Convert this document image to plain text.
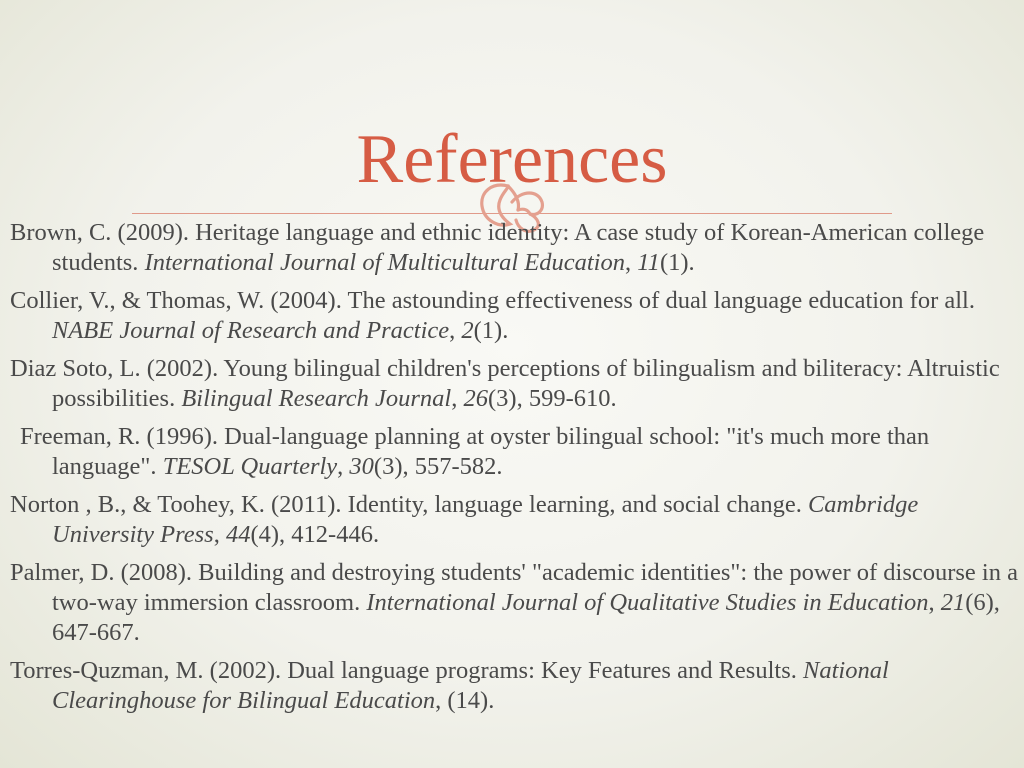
References
Brown, C. (2009). Heritage language and ethnic identity: A case study of Korean-American college students. International Journal of Multicultural Education, 11(1).
Collier, V., & Thomas, W. (2004). The astounding effectiveness of dual language education for all. NABE Journal of Research and Practice, 2(1).
Diaz Soto, L. (2002). Young bilingual children's perceptions of bilingualism and biliteracy: Altruistic possibilities. Bilingual Research Journal, 26(3), 599-610.
Freeman, R. (1996). Dual-language planning at oyster bilingual school: "it's much more than language". TESOL Quarterly, 30(3), 557-582.
Norton , B., & Toohey, K. (2011). Identity, language learning, and social change. Cambridge University Press, 44(4), 412-446.
Palmer, D. (2008). Building and destroying students' "academic identities": the power of discourse in a two-way immersion classroom. International Journal of Qualitative Studies in Education, 21(6), 647-667.
Torres-Quzman, M. (2002). Dual language programs: Key Features and Results. National Clearinghouse for Bilingual Education, (14).
